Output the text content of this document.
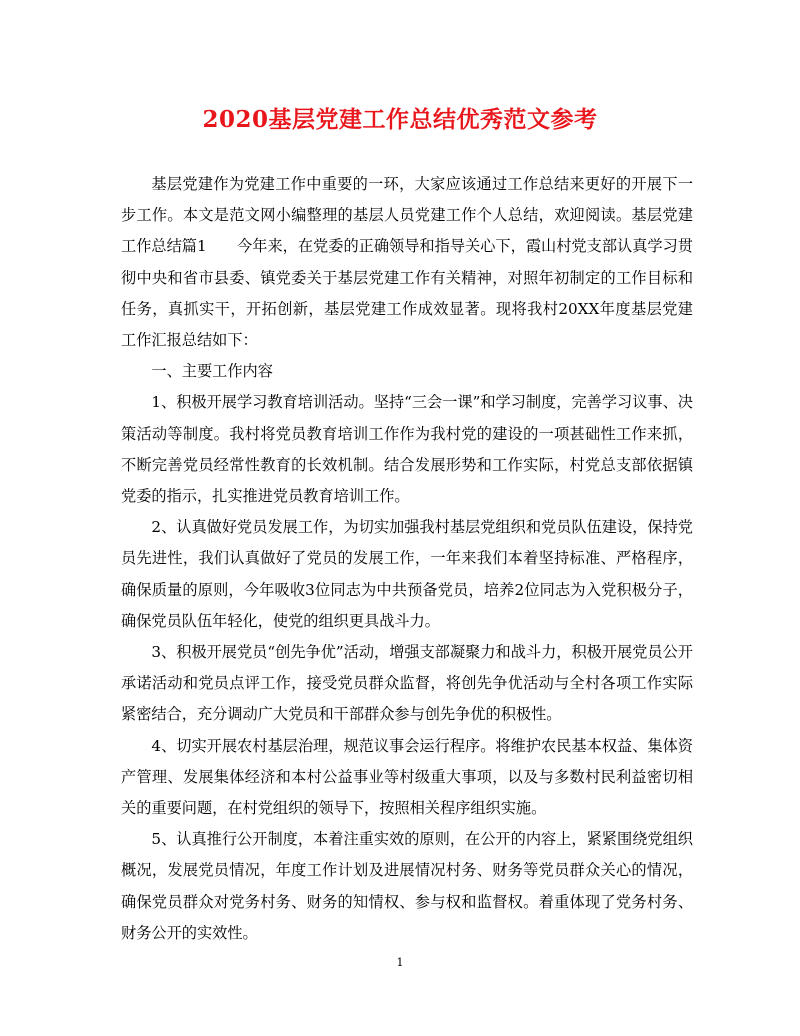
2020基层党建工作总结优秀范文参考

基层党建作为党建工作中重要的一环，大家应该通过工作总结来更好的开展下一步工作。本文是范文网小编整理的基层人员党建工作个人总结，欢迎阅读。基层党建工作总结篇1　　今年来，在党委的正确领导和指导关心下，霞山村党支部认真学习贯彻中央和省市县委、镇党委关于基层党建工作有关精神，对照年初制定的工作目标和任务，真抓实干，开拓创新，基层党建工作成效显著。现将我村20XX年度基层党建工作汇报总结如下：

一、主要工作内容

1、积极开展学习教育培训活动。坚持“三会一课”和学习制度，完善学习议事、决策活动等制度。我村将党员教育培训工作作为我村党的建设的一项甚础性工作来抓，不断完善党员经常性教育的长效机制。结合发展形势和工作实际，村党总支部依据镇党委的指示，扎实推进党员教育培训工作。

2、认真做好党员发展工作，为切实加强我村基层党组织和党员队伍建设，保持党员先进性，我们认真做好了党员的发展工作，一年来我们本着坚持标准、严格程序，确保质量的原则，今年吸收3位同志为中共预备党员，培养2位同志为入党积极分子，确保党员队伍年轻化，使党的组织更具战斗力。

3、积极开展党员“创先争优”活动，增强支部凝聚力和战斗力，积极开展党员公开承诺活动和党员点评工作，接受党员群众监督，将创先争优活动与全村各项工作实际紧密结合，充分调动广大党员和干部群众参与创先争优的积极性。

4、切实开展农村基层治理，规范议事会运行程序。将维护农民基本权益、集体资产管理、发展集体经济和本村公益事业等村级重大事项，以及与多数村民利益密切相关的重要问题，在村党组织的领导下，按照相关程序组织实施。

5、认真推行公开制度，本着注重实效的原则，在公开的内容上，紧紧围绕党组织概况，发展党员情况，年度工作计划及进展情况村务、财务等党员群众关心的情况，确保党员群众对党务村务、财务的知情权、参与权和监督权。着重体现了党务村务、财务公开的实效性。

1
